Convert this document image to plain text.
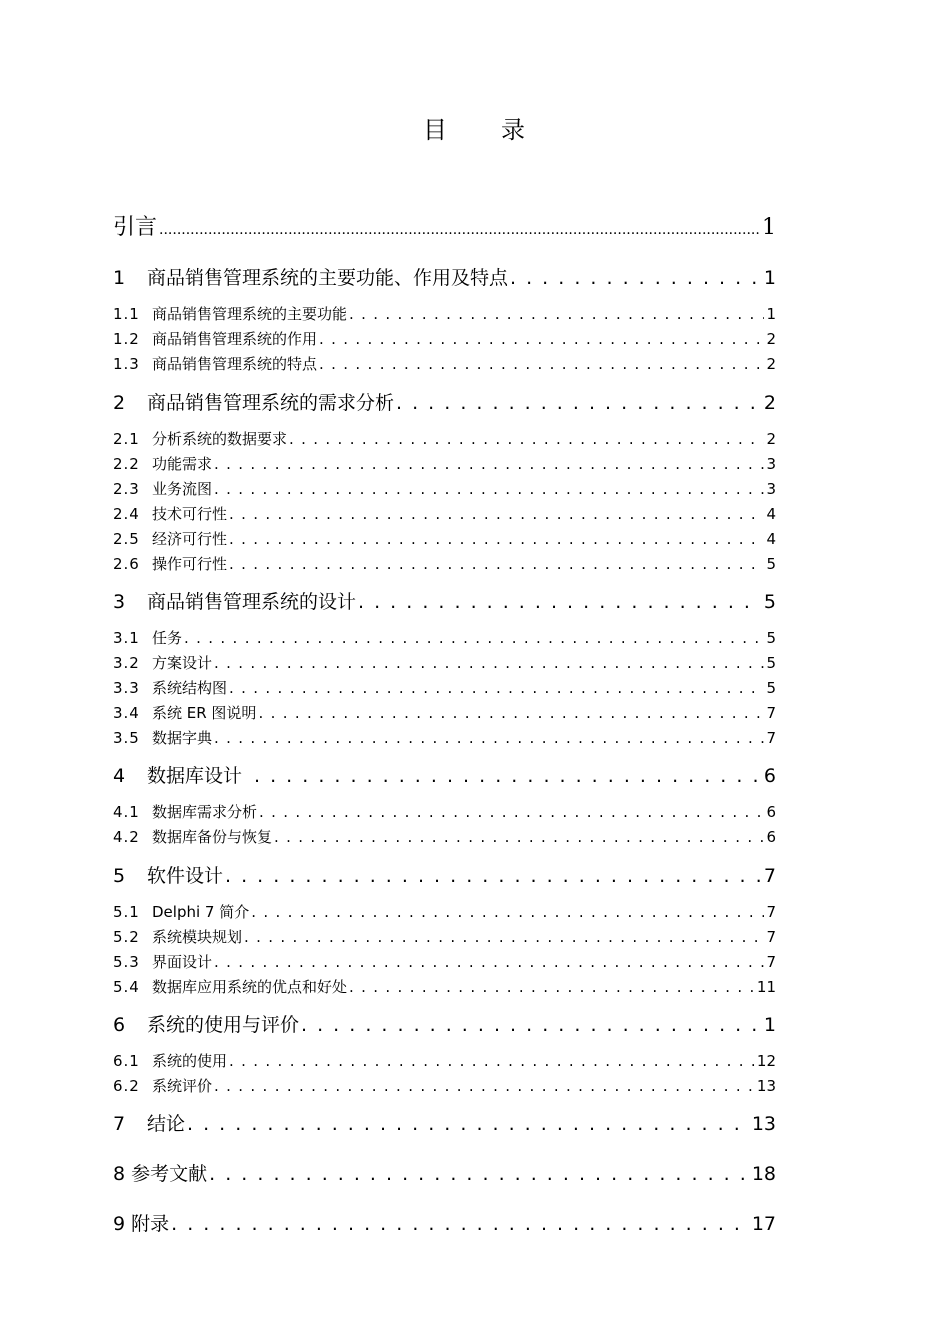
目 录
引言 .....	1
1	商品销售管理系统的主要功能、作用及特点 . . .	1
1.1 商品销售管理系统的主要功能 . . .	1
1.2 商品销售管理系统的作用 . . .	2
1.3 商品销售管理系统的特点 . . .	2
2	商品销售管理系统的需求分析 . . .	2
2.1 分析系统的数据要求 . . .	2
2.2 功能需求 . . .	3
2.3 业务流图 . . .	3
2.4 技术可行性 . . .	4
2.5 经济可行性 . . .	4
2.6 操作可行性 . . .	5
3	商品销售管理系统的设计 . . .	5
3.1 任务 . . .	5
3.2 方案设计 . . .	5
3.3 系统结构图 . . .	5
3.4 系统 ER 图说明 . . .	7
3.5 数据字典 . . .	7
4	数据库设计 . . .	6
4.1 数据库需求分析 . . .	6
4.2 数据库备份与恢复 . . .	6
5	软件设计 . . .	7
5.1 Delphi 7 简介 . . .	7
5.2 系统模块规划 . . .	7
5.3 界面设计 . . .	7
5.4 数据库应用系统的优点和好处 . . .	11
6	系统的使用与评价 . . .	1
6.1 系统的使用 . . .	12
6.2 系统评价 . . .	13
7	结论 . . .	13
8 参考文献 . . .	18
9 附录 . . .	17
